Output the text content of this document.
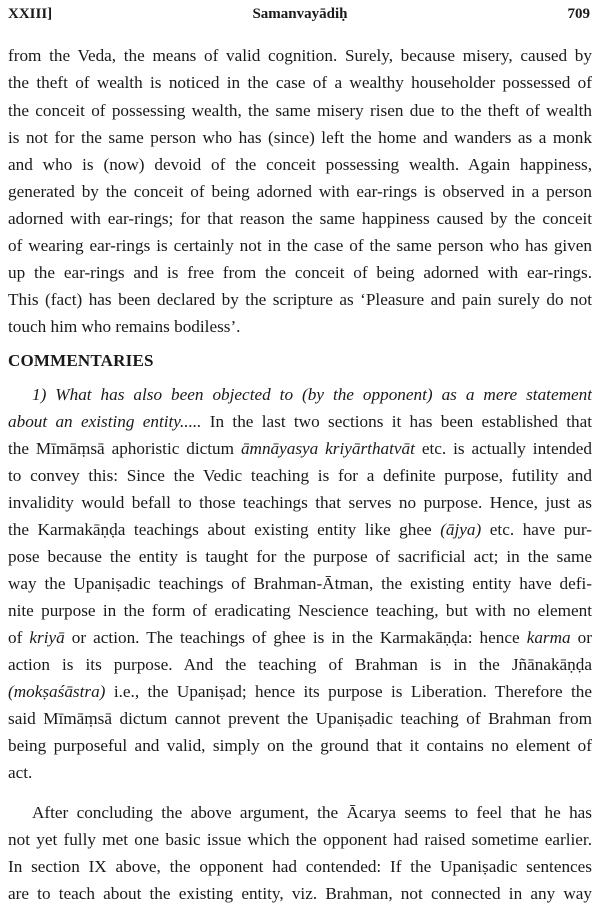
XXIII]	Samanvayādiḥ	709
from the Veda, the means of valid cognition. Surely, because misery, caused by
the theft of wealth is noticed in the case of a wealthy householder possessed of
the conceit of possessing wealth, the same misery risen due to the theft of wealth
is not for the same person who has (since) left the home and wanders as a monk
and who is (now) devoid of the conceit possessing wealth. Again happiness,
generated by the conceit of being adorned with ear-rings is observed in a person
adorned with ear-rings; for that reason the same happiness caused by the conceit
of wearing ear-rings is certainly not in the case of the same person who has given
up the ear-rings and is free from the conceit of being adorned with ear-rings.
This (fact) has been declared by the scripture as ‘Pleasure and pain surely do not
touch him who remains bodiless’.
COMMENTARIES
1) What has also been objected to (by the opponent) as a mere statement
about an existing entity..... In the last two sections it has been established that
the Mīmāṃsā aphoristic dictum āmnāyasya kriyārthatvāt etc. is actually intended
to convey this: Since the Vedic teaching is for a definite purpose, futility and
invalidity would befall to those teachings that serves no purpose. Hence, just as
the Karmakāṇḍa teachings about existing entity like ghee (ājya) etc. have pur-
pose because the entity is taught for the purpose of sacrificial act; in the same
way the Upaniṣadic teachings of Brahman-Ātman, the existing entity have defi-
nite purpose in the form of eradicating Nescience teaching, but with no element
of kriyā or action. The teachings of ghee is in the Karmakāṇḍa: hence karma or
action is its purpose. And the teaching of Brahman is in the Jñānakāṇḍa
(mokṣaśāstra) i.e., the Upaniṣad; hence its purpose is Liberation. Therefore the
said Mīmāṃsā dictum cannot prevent the Upaniṣadic teaching of Brahman from
being purposeful and valid, simply on the ground that it contains no element of
act.
After concluding the above argument, the Ācarya seems to feel that he has
not yet fully met one basic issue which the opponent had raised sometime earlier.
In section IX above, the opponent had contended: If the Upaniṣadic sentences
are to teach about the existing entity, viz. Brahman, not connected in any way
